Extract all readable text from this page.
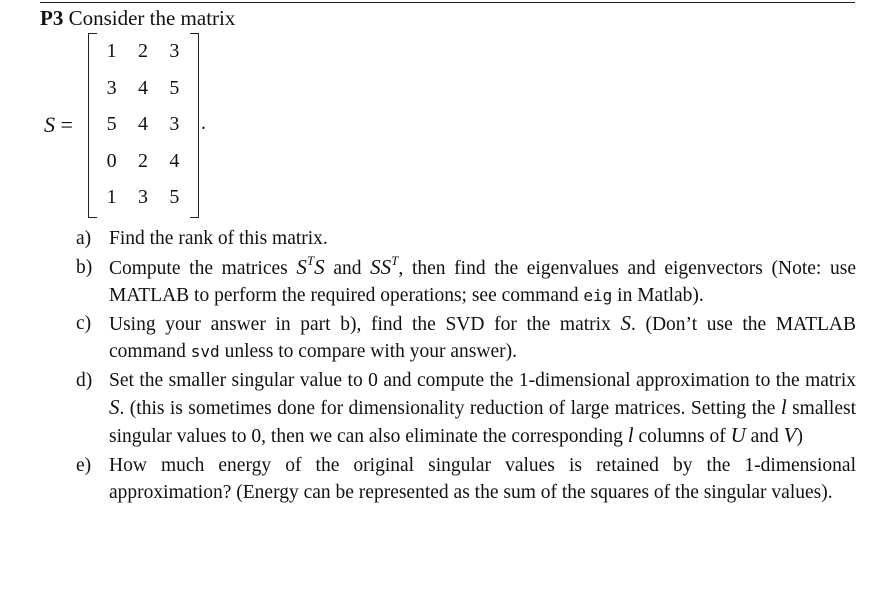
P3 Consider the matrix
S =
1	2	3
3	4	5
5	4	3
0	2	4
1	3	5
.
a) Find the rank of this matrix.
b) Compute the matrices $S^TS$ and $SS^T$, then find the eigenvalues and eigenvectors (Note: use MATLAB to perform the required operations; see command eig in Matlab).
c) Using your answer in part b), find the SVD for the matrix S. (Don’t use the MATLAB command svd unless to compare with your answer).
d) Set the smaller singular value to 0 and compute the 1-dimensional approximation to the matrix S. (this is sometimes done for dimensionality reduction of large matrices. Setting the l smallest singular values to 0, then we can also eliminate the corresponding l columns of U and V)
e) How much energy of the original singular values is retained by the 1-dimensional approximation? (Energy can be represented as the sum of the squares of the singular values).
